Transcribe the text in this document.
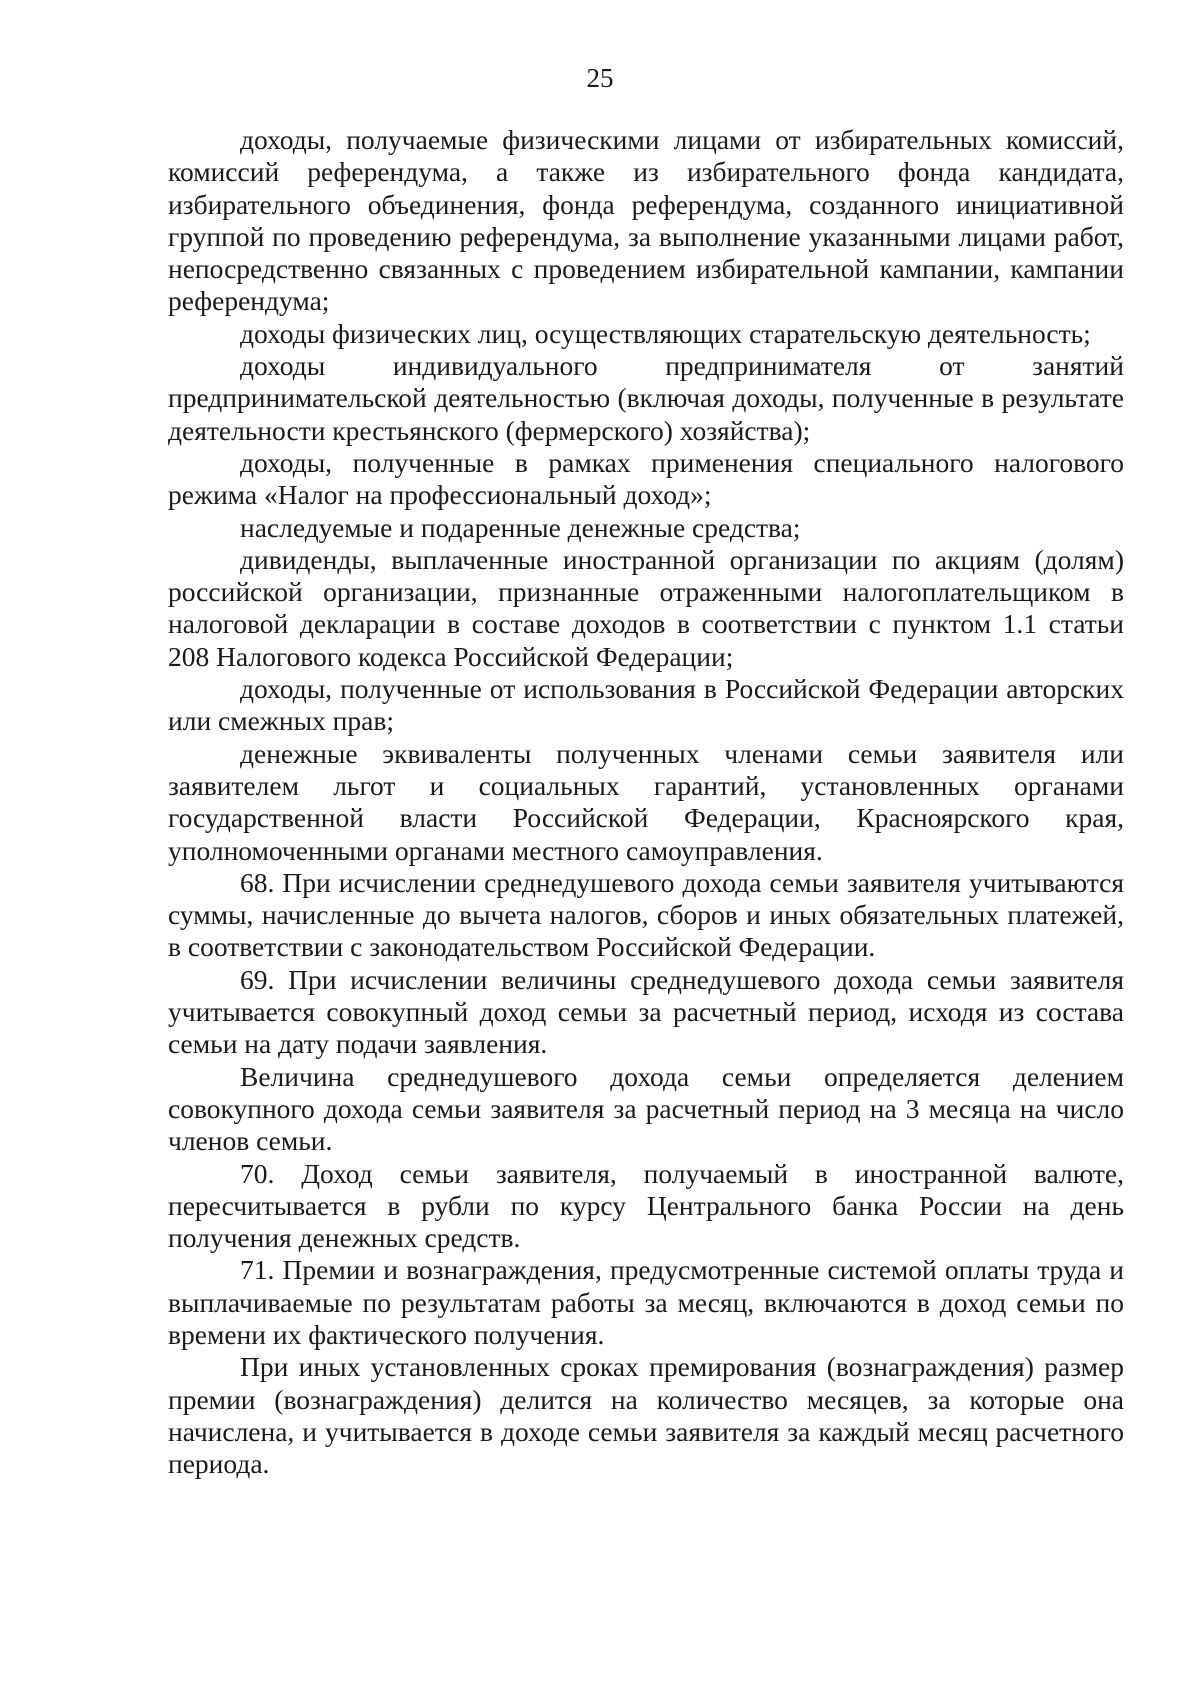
25

доходы, получаемые физическими лицами от избирательных комиссий, комиссий референдума, а также из избирательного фонда кандидата, избирательного объединения, фонда референдума, созданного инициативной группой по проведению референдума, за выполнение указанными лицами работ, непосредственно связанных с проведением избирательной кампании, кампании референдума;

доходы физических лиц, осуществляющих старательскую деятельность;

доходы индивидуального предпринимателя от занятий предпринимательской деятельностью (включая доходы, полученные в результате деятельности крестьянского (фермерского) хозяйства);

доходы, полученные в рамках применения специального налогового режима «Налог на профессиональный доход»;

наследуемые и подаренные денежные средства;

дивиденды, выплаченные иностранной организации по акциям (долям) российской организации, признанные отраженными налогоплательщиком в налоговой декларации в составе доходов в соответствии с пунктом 1.1 статьи 208 Налогового кодекса Российской Федерации;

доходы, полученные от использования в Российской Федерации авторских или смежных прав;

денежные эквиваленты полученных членами семьи заявителя или заявителем льгот и социальных гарантий, установленных органами государственной власти Российской Федерации, Красноярского края, уполномоченными органами местного самоуправления.

68. При исчислении среднедушевого дохода семьи заявителя учитываются суммы, начисленные до вычета налогов, сборов и иных обязательных платежей, в соответствии с законодательством Российской Федерации.

69. При исчислении величины среднедушевого дохода семьи заявителя учитывается совокупный доход семьи за расчетный период, исходя из состава семьи на дату подачи заявления.

Величина среднедушевого дохода семьи определяется делением совокупного дохода семьи заявителя за расчетный период на 3 месяца на число членов семьи.

70. Доход семьи заявителя, получаемый в иностранной валюте, пересчитывается в рубли по курсу Центрального банка России на день получения денежных средств.

71. Премии и вознаграждения, предусмотренные системой оплаты труда и выплачиваемые по результатам работы за месяц, включаются в доход семьи по времени их фактического получения.

При иных установленных сроках премирования (вознаграждения) размер премии (вознаграждения) делится на количество месяцев, за которые она начислена, и учитывается в доходе семьи заявителя за каждый месяц расчетного периода.
